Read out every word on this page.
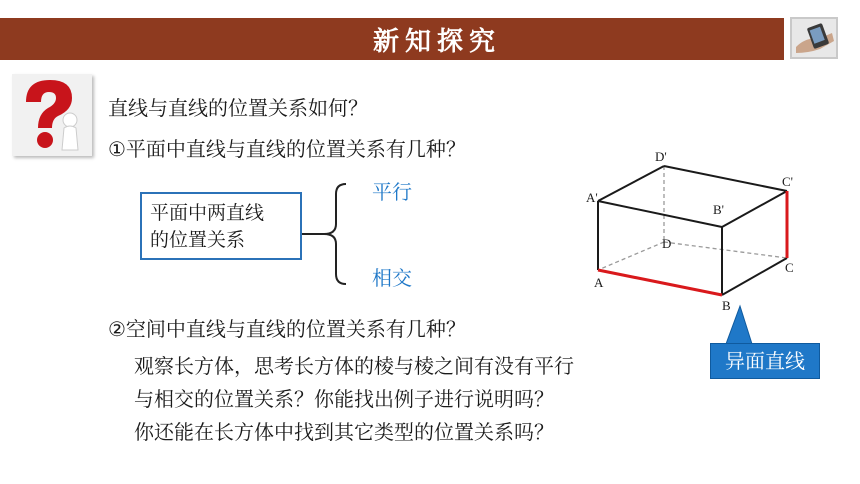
新知探究
直线与直线的位置关系如何？
①平面中直线与直线的位置关系有几种？
平面中两直线
的位置关系
平行
相交
②空间中直线与直线的位置关系有几种？
观察长方体，思考长方体的棱与棱之间有没有平行
与相交的位置关系？你能找出例子进行说明吗？
你还能在长方体中找到其它类型的位置关系吗？
A'
D'
C'
B'
D
C
A
B
异面直线
